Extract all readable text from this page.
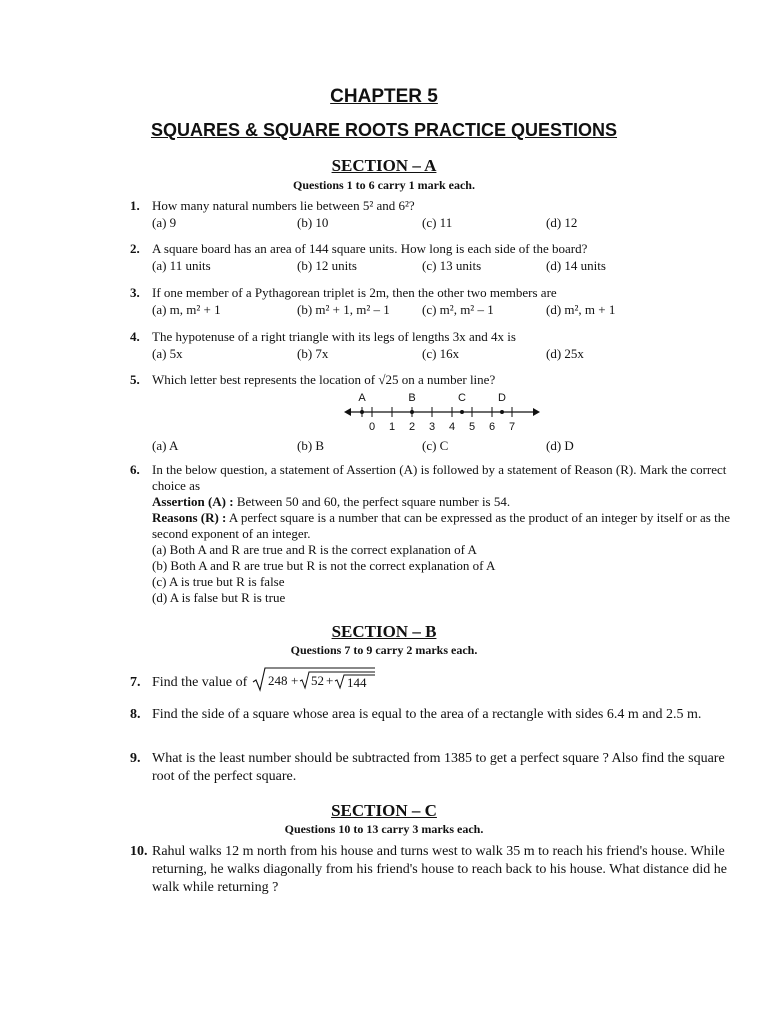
CHAPTER 5
SQUARES & SQUARE ROOTS PRACTICE QUESTIONS
SECTION – A
Questions 1 to 6 carry 1 mark each.
1. How many natural numbers lie between 5² and 6²?
(a) 9	(b) 10	(c) 11	(d) 12
2. A square board has an area of 144 square units. How long is each side of the board?
(a) 11 units	(b) 12 units	(c) 13 units	(d) 14 units
3. If one member of a Pythagorean triplet is 2m, then the other two members are
(a) m, m² + 1	(b) m² + 1, m² – 1 (c) m², m² – 1	(d) m², m + 1
4. The hypotenuse of a right triangle with its legs of lengths 3x and 4x is
(a) 5x	(b) 7x	(c) 16x	(d) 25x
5. Which letter best represents the location of √25 on a number line?
(a) A	(b) B	(c) C	(d) D
0 1 2 3 4 5 6 7
A	B	C	D
6. In the below question, a statement of Assertion (A) is followed by a statement of Reason (R). Mark the correct choice as
Assertion (A) : Between 50 and 60, the perfect square number is 54.
Reasons (R) : A perfect square is a number that can be expressed as the product of an integer by itself or as the second exponent of an integer.
(a) Both A and R are true and R is the correct explanation of A
(b) Both A and R are true but R is not the correct explanation of A
(c) A is true but R is false
(d) A is false but R is true
SECTION – B
Questions 7 to 9 carry 2 marks each.
7. Find the value of 248 + 52 + 144
8. Find the side of a square whose area is equal to the area of a rectangle with sides 6.4 m and 2.5 m.
9. What is the least number should be subtracted from 1385 to get a perfect square ? Also find the square root of the perfect square.
SECTION – C
Questions 10 to 13 carry 3 marks each.
10. Rahul walks 12 m north from his house and turns west to walk 35 m to reach his friend's house. While returning, he walks diagonally from his friend's house to reach back to his house. What distance did he walk while returning ?
